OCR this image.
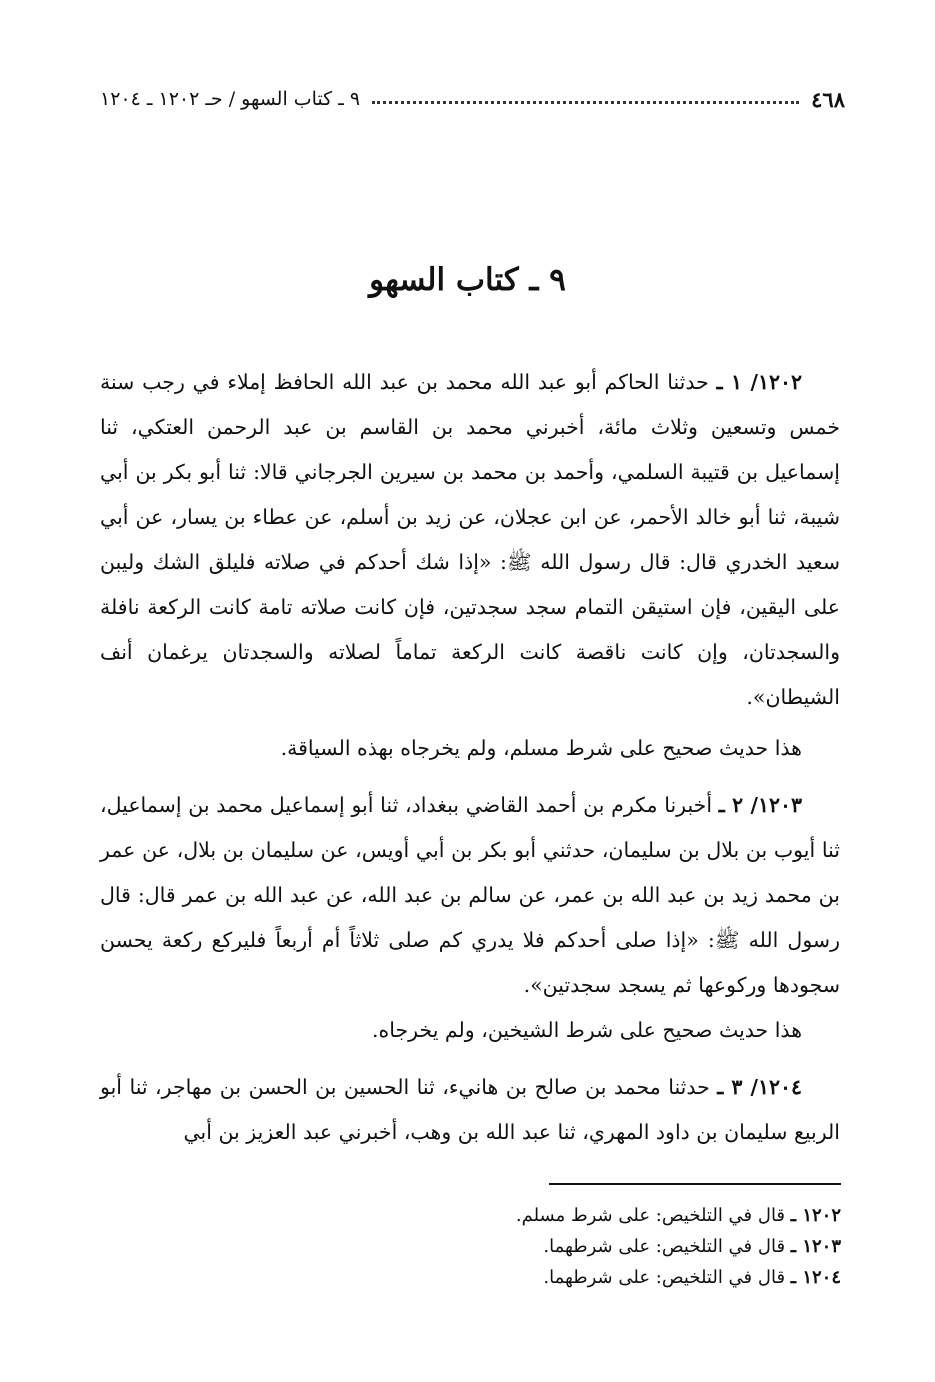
٤٦٨
٩ ـ كتاب السهو / حـ ١٢٠٢ ـ ١٢٠٤
٩ ـ كتاب السهو

١٢٠٢/ ١ ـ حدثنا الحاكم أبو عبد الله محمد بن عبد الله الحافظ إملاء في رجب سنة خمس وتسعين وثلاث مائة، أخبرني محمد بن القاسم بن عبد الرحمن العتكي، ثنا إسماعيل بن قتيبة السلمي، وأحمد بن محمد بن سيرين الجرجاني قالا: ثنا أبو بكر بن أبي شيبة، ثنا أبو خالد الأحمر، عن ابن عجلان، عن زيد بن أسلم، عن عطاء بن يسار، عن أبي سعيد الخدري قال: قال رسول الله ﷺ: «إذا شك أحدكم في صلاته فليلق الشك وليبن على اليقين، فإن استيقن التمام سجد سجدتين، فإن كانت صلاته تامة كانت الركعة نافلة والسجدتان، وإن كانت ناقصة كانت الركعة تماماً لصلاته والسجدتان يرغمان أنف الشيطان».

هذا حديث صحيح على شرط مسلم، ولم يخرجاه بهذه السياقة.

١٢٠٣/ ٢ ـ أخبرنا مكرم بن أحمد القاضي ببغداد، ثنا أبو إسماعيل محمد بن إسماعيل، ثنا أيوب بن بلال بن سليمان، حدثني أبو بكر بن أبي أويس، عن سليمان بن بلال، عن عمر بن محمد زيد بن عبد الله بن عمر، عن سالم بن عبد الله، عن عبد الله بن عمر قال: قال رسول الله ﷺ: «إذا صلى أحدكم فلا يدري كم صلى ثلاثاً أم أربعاً فليركع ركعة يحسن سجودها وركوعها ثم يسجد سجدتين».

هذا حديث صحيح على شرط الشيخين، ولم يخرجاه.

١٢٠٤/ ٣ ـ حدثنا محمد بن صالح بن هانيء، ثنا الحسين بن الحسن بن مهاجر، ثنا أبو الربيع سليمان بن داود المهري، ثنا عبد الله بن وهب، أخبرني عبد العزيز بن أبي

١٢٠٢ ـ قال في التلخيص: على شرط مسلم.

١٢٠٣ ـ قال في التلخيص: على شرطهما.

١٢٠٤ ـ قال في التلخيص: على شرطهما.
